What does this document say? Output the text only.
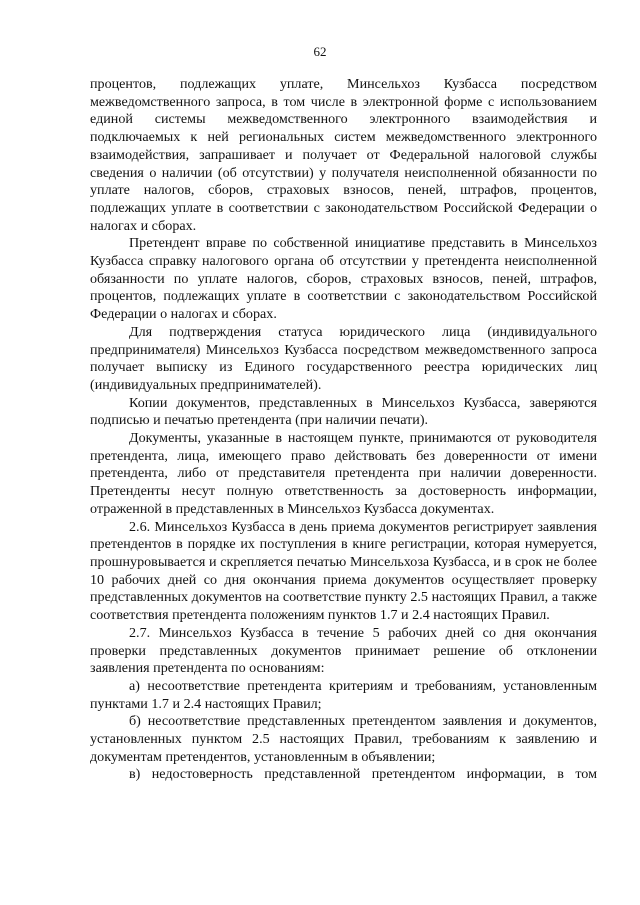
62

процентов, подлежащих уплате, Минсельхоз Кузбасса посредством межведомственного запроса, в том числе в электронной форме с использованием единой системы межведомственного электронного взаимодействия и подключаемых к ней региональных систем межведомственного электронного взаимодействия, запрашивает и получает от Федеральной налоговой службы сведения о наличии (об отсутствии) у получателя неисполненной обязанности по уплате налогов, сборов, страховых взносов, пеней, штрафов, процентов, подлежащих уплате в соответствии с законодательством Российской Федерации о налогах и сборах.

Претендент вправе по собственной инициативе представить в Минсельхоз Кузбасса справку налогового органа об отсутствии у претендента неисполненной обязанности по уплате налогов, сборов, страховых взносов, пеней, штрафов, процентов, подлежащих уплате в соответствии с законодательством Российской Федерации о налогах и сборах.

Для подтверждения статуса юридического лица (индивидуального предпринимателя) Минсельхоз Кузбасса посредством межведомственного запроса получает выписку из Единого государственного реестра юридических лиц (индивидуальных предпринимателей).

Копии документов, представленных в Минсельхоз Кузбасса, заверяются подписью и печатью претендента (при наличии печати).

Документы, указанные в настоящем пункте, принимаются от руководителя претендента, лица, имеющего право действовать без доверенности от имени претендента, либо от представителя претендента при наличии доверенности. Претенденты несут полную ответственность за достоверность информации, отраженной в представленных в Минсельхоз Кузбасса документах.

2.6. Минсельхоз Кузбасса в день приема документов регистрирует заявления претендентов в порядке их поступления в книге регистрации, которая нумеруется, прошнуровывается и скрепляется печатью Минсельхоза Кузбасса, и в срок не более 10 рабочих дней со дня окончания приема документов осуществляет проверку представленных документов на соответствие пункту 2.5 настоящих Правил, а также соответствия претендента положениям пунктов 1.7 и 2.4 настоящих Правил.

2.7. Минсельхоз Кузбасса в течение 5 рабочих дней со дня окончания проверки представленных документов принимает решение об отклонении заявления претендента по основаниям:

а) несоответствие претендента критериям и требованиям, установленным пунктами 1.7 и 2.4 настоящих Правил;

б) несоответствие представленных претендентом заявления и документов, установленных пунктом 2.5 настоящих Правил, требованиям к заявлению и документам претендентов, установленным в объявлении;

в) недостоверность представленной претендентом информации, в том
